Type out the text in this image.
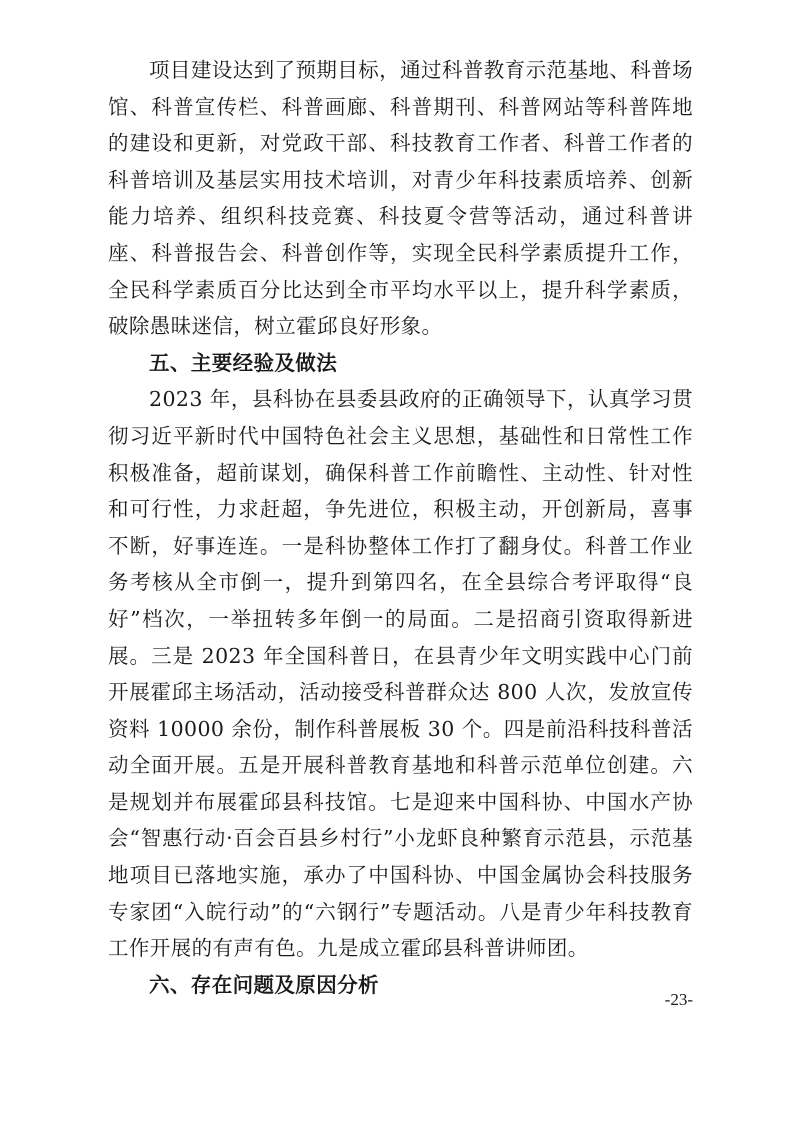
项目建设达到了预期目标，通过科普教育示范基地、科普场馆、科普宣传栏、科普画廊、科普期刊、科普网站等科普阵地的建设和更新，对党政干部、科技教育工作者、科普工作者的科普培训及基层实用技术培训，对青少年科技素质培养、创新能力培养、组织科技竞赛、科技夏令营等活动，通过科普讲座、科普报告会、科普创作等，实现全民科学素质提升工作，全民科学素质百分比达到全市平均水平以上，提升科学素质，破除愚昧迷信，树立霍邱良好形象。

五、主要经验及做法

2023 年，县科协在县委县政府的正确领导下，认真学习贯彻习近平新时代中国特色社会主义思想，基础性和日常性工作积极准备，超前谋划，确保科普工作前瞻性、主动性、针对性和可行性，力求赶超，争先进位，积极主动，开创新局，喜事不断，好事连连。一是科协整体工作打了翻身仗。科普工作业务考核从全市倒一，提升到第四名，在全县综合考评取得“良好”档次，一举扭转多年倒一的局面。二是招商引资取得新进展。三是 2023 年全国科普日，在县青少年文明实践中心门前开展霍邱主场活动，活动接受科普群众达 800 人次，发放宣传资料 10000 余份，制作科普展板 30 个。四是前沿科技科普活动全面开展。五是开展科普教育基地和科普示范单位创建。六是规划并布展霍邱县科技馆。七是迎来中国科协、中国水产协会“智惠行动·百会百县乡村行”小龙虾良种繁育示范县，示范基地项目已落地实施，承办了中国科协、中国金属协会科技服务专家团“入皖行动”的“六钢行”专题活动。八是青少年科技教育工作开展的有声有色。九是成立霍邱县科普讲师团。

六、存在问题及原因分析

-23-
